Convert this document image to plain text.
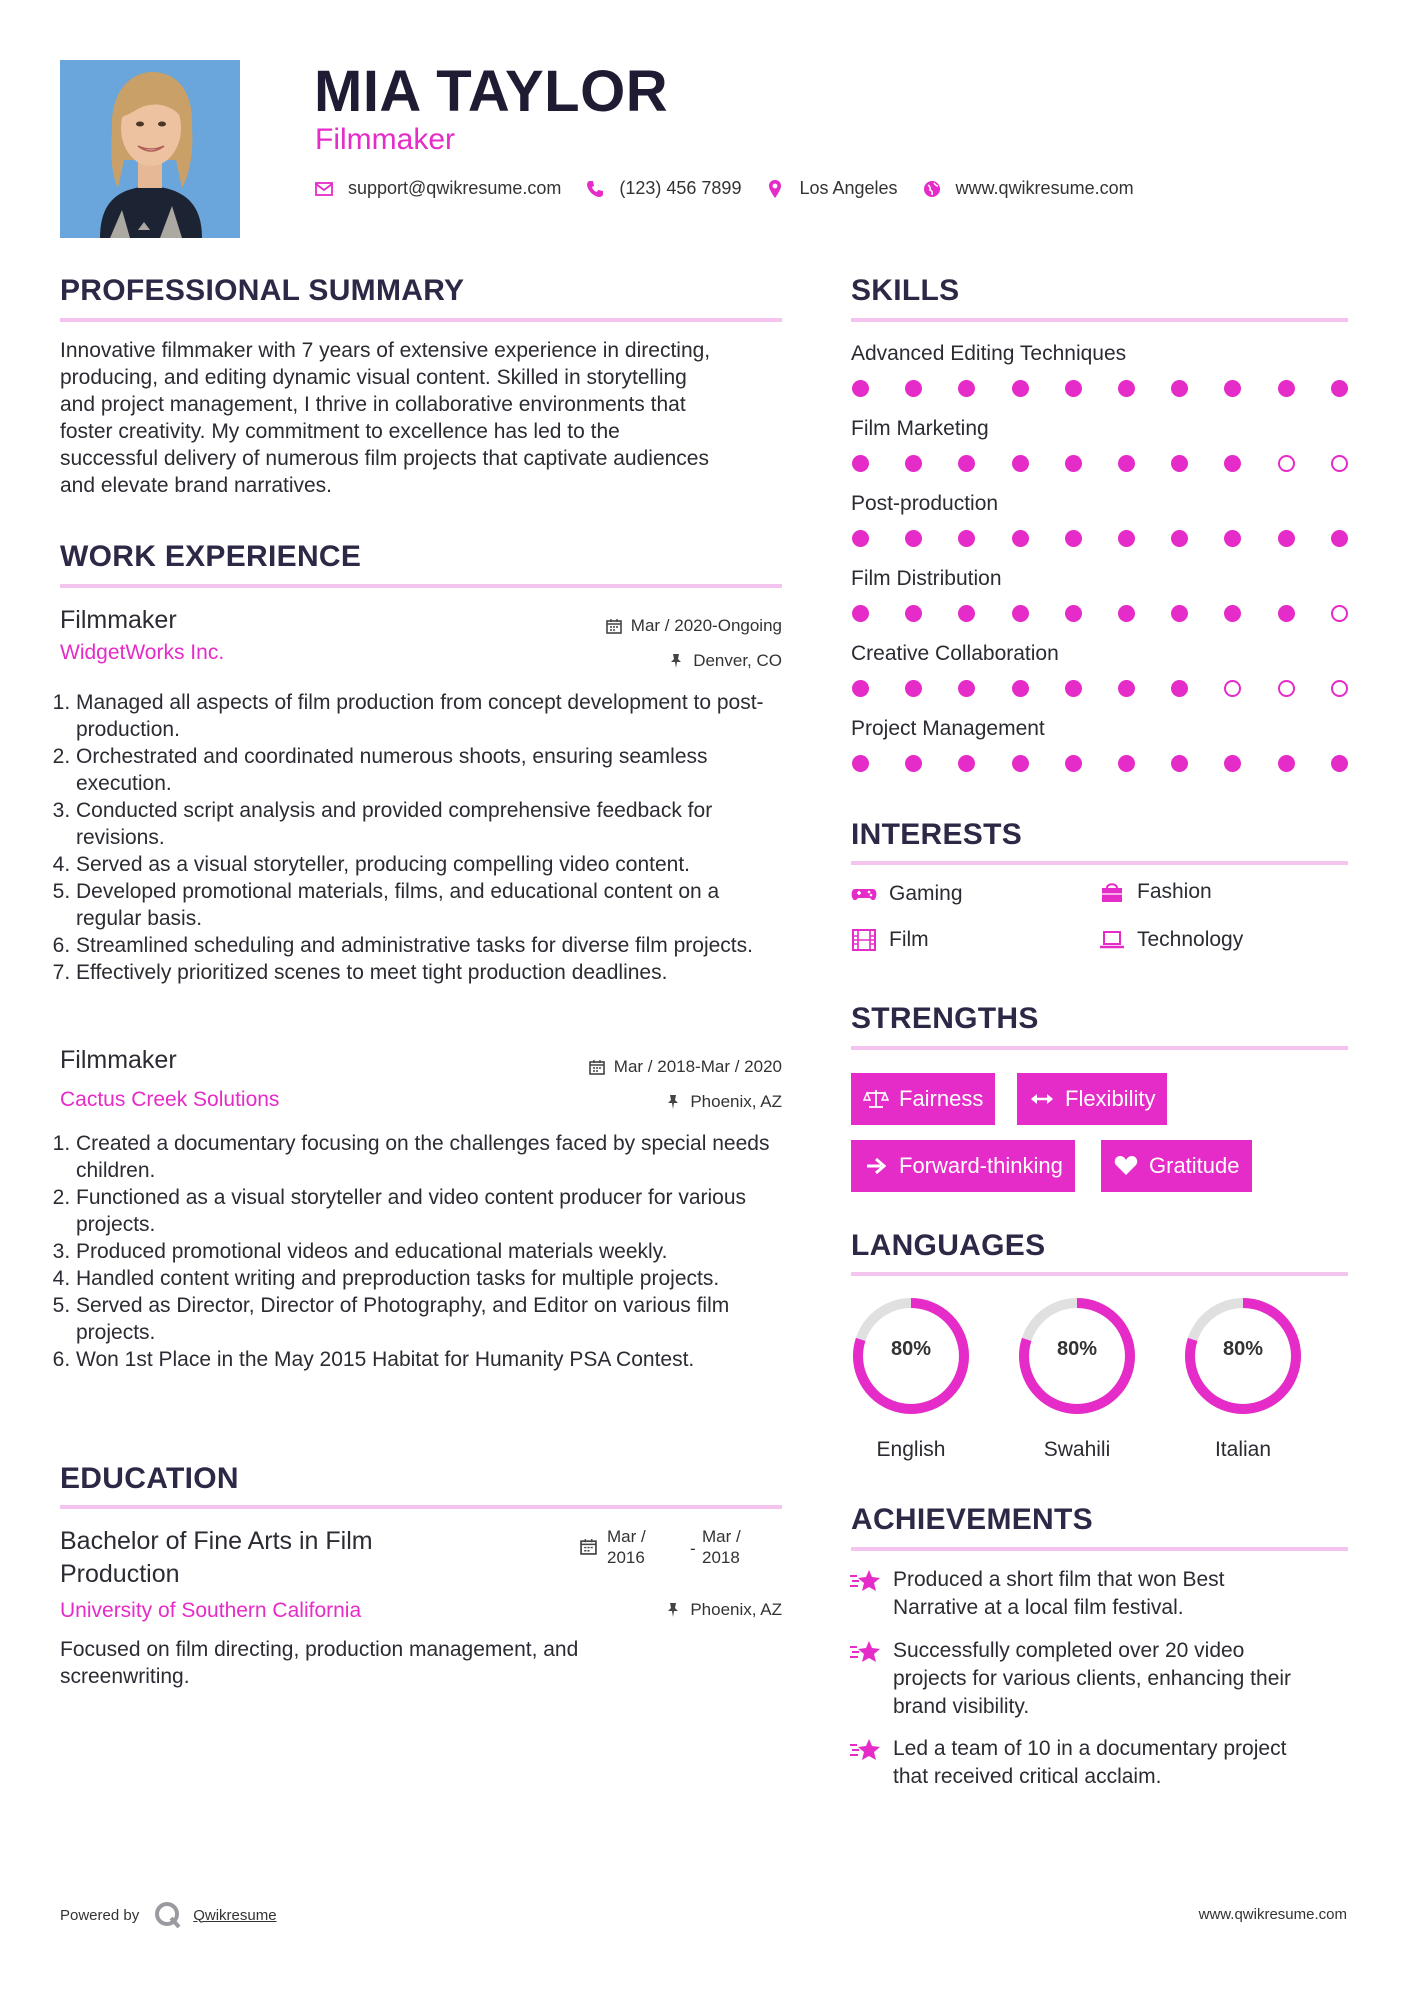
MIA TAYLOR
Filmmaker
support@qwikresume.com	(123) 456 7899	Los Angeles	www.qwikresume.com
PROFESSIONAL SUMMARY
Innovative filmmaker with 7 years of extensive experience in directing,
producing, and editing dynamic visual content. Skilled in storytelling
and project management, I thrive in collaborative environments that
foster creativity. My commitment to excellence has led to the
successful delivery of numerous film projects that captivate audiences
and elevate brand narratives.
WORK EXPERIENCE
Filmmaker	Mar / 2020-Ongoing
WidgetWorks Inc.	Denver, CO
1. Managed all aspects of film production from concept development to post-production.
2. Orchestrated and coordinated numerous shoots, ensuring seamless execution.
3. Conducted script analysis and provided comprehensive feedback for revisions.
4. Served as a visual storyteller, producing compelling video content.
5. Developed promotional materials, films, and educational content on a regular basis.
6. Streamlined scheduling and administrative tasks for diverse film projects.
7. Effectively prioritized scenes to meet tight production deadlines.
Filmmaker	Mar / 2018-Mar / 2020
Cactus Creek Solutions	Phoenix, AZ
1. Created a documentary focusing on the challenges faced by special needs children.
2. Functioned as a visual storyteller and video content producer for various projects.
3. Produced promotional videos and educational materials weekly.
4. Handled content writing and preproduction tasks for multiple projects.
5. Served as Director, Director of Photography, and Editor on various film projects.
6. Won 1st Place in the May 2015 Habitat for Humanity PSA Contest.
EDUCATION
Bachelor of Fine Arts in Film
Production
Mar /
2016	-
Mar /
2018
University of Southern California	Phoenix, AZ
Focused on film directing, production management, and
screenwriting.
SKILLS
Advanced Editing Techniques
Film Marketing
Post-production
Film Distribution
Creative Collaboration
Project Management
INTERESTS
Gaming	Fashion
Film	Technology
STRENGTHS
Fairness	Flexibility
Forward-thinking	Gratitude
LANGUAGES
80%
English
80%
Swahili
80%
Italian
ACHIEVEMENTS
Produced a short film that won Best
Narrative at a local film festival.
Successfully completed over 20 video
projects for various clients, enhancing their
brand visibility.
Led a team of 10 in a documentary project
that received critical acclaim.
Powered by	Qwikresume	www.qwikresume.com
